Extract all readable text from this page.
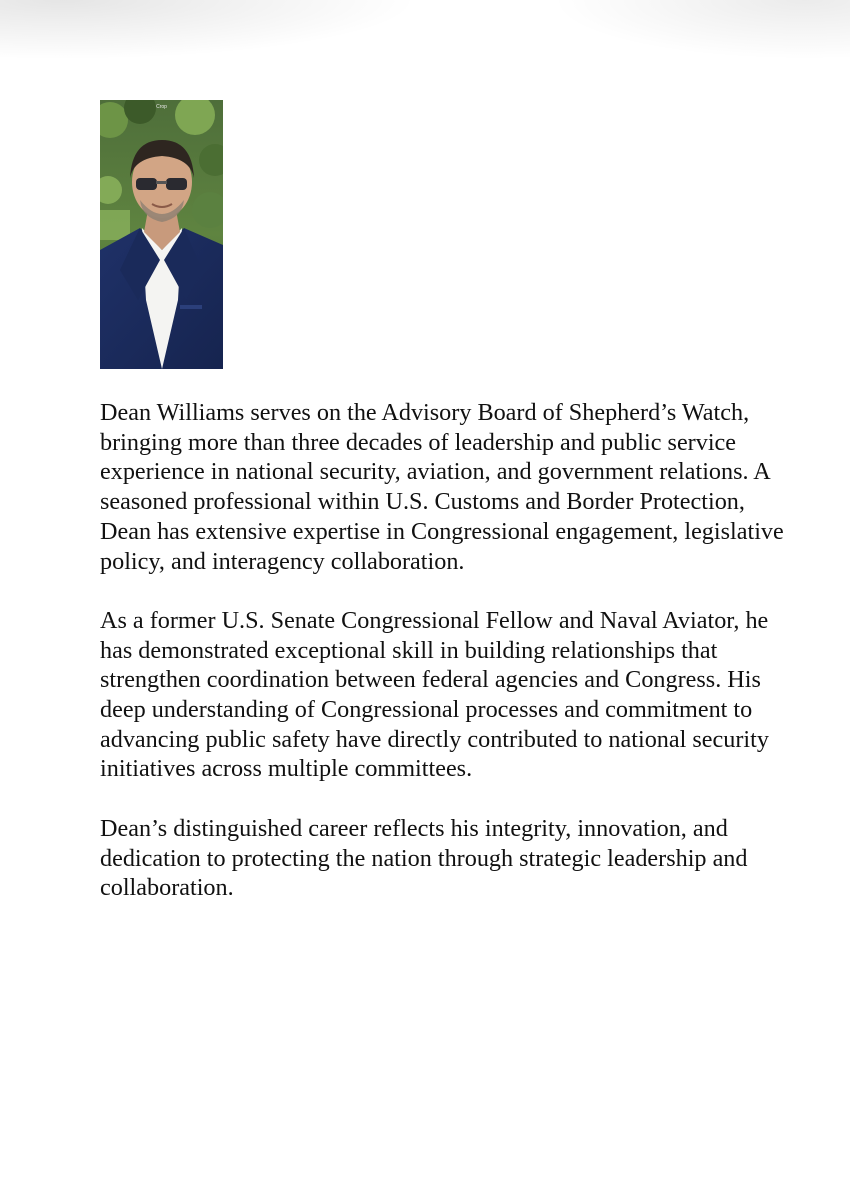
Crop

Dean Williams serves on the Advisory Board of Shepherd’s Watch, bringing more than three decades of leadership and public service experience in national security, aviation, and government relations. A seasoned professional within U.S. Customs and Border Protection, Dean has extensive expertise in Congressional engagement, legislative policy, and interagency collaboration.

As a former U.S. Senate Congressional Fellow and Naval Aviator, he has demonstrated exceptional skill in building relationships that strengthen coordination between federal agencies and Congress. His deep understanding of Congressional processes and commitment to advancing public safety have directly contributed to national security initiatives across multiple committees.

Dean’s distinguished career reflects his integrity, innovation, and dedication to protecting the nation through strategic leadership and collaboration.
